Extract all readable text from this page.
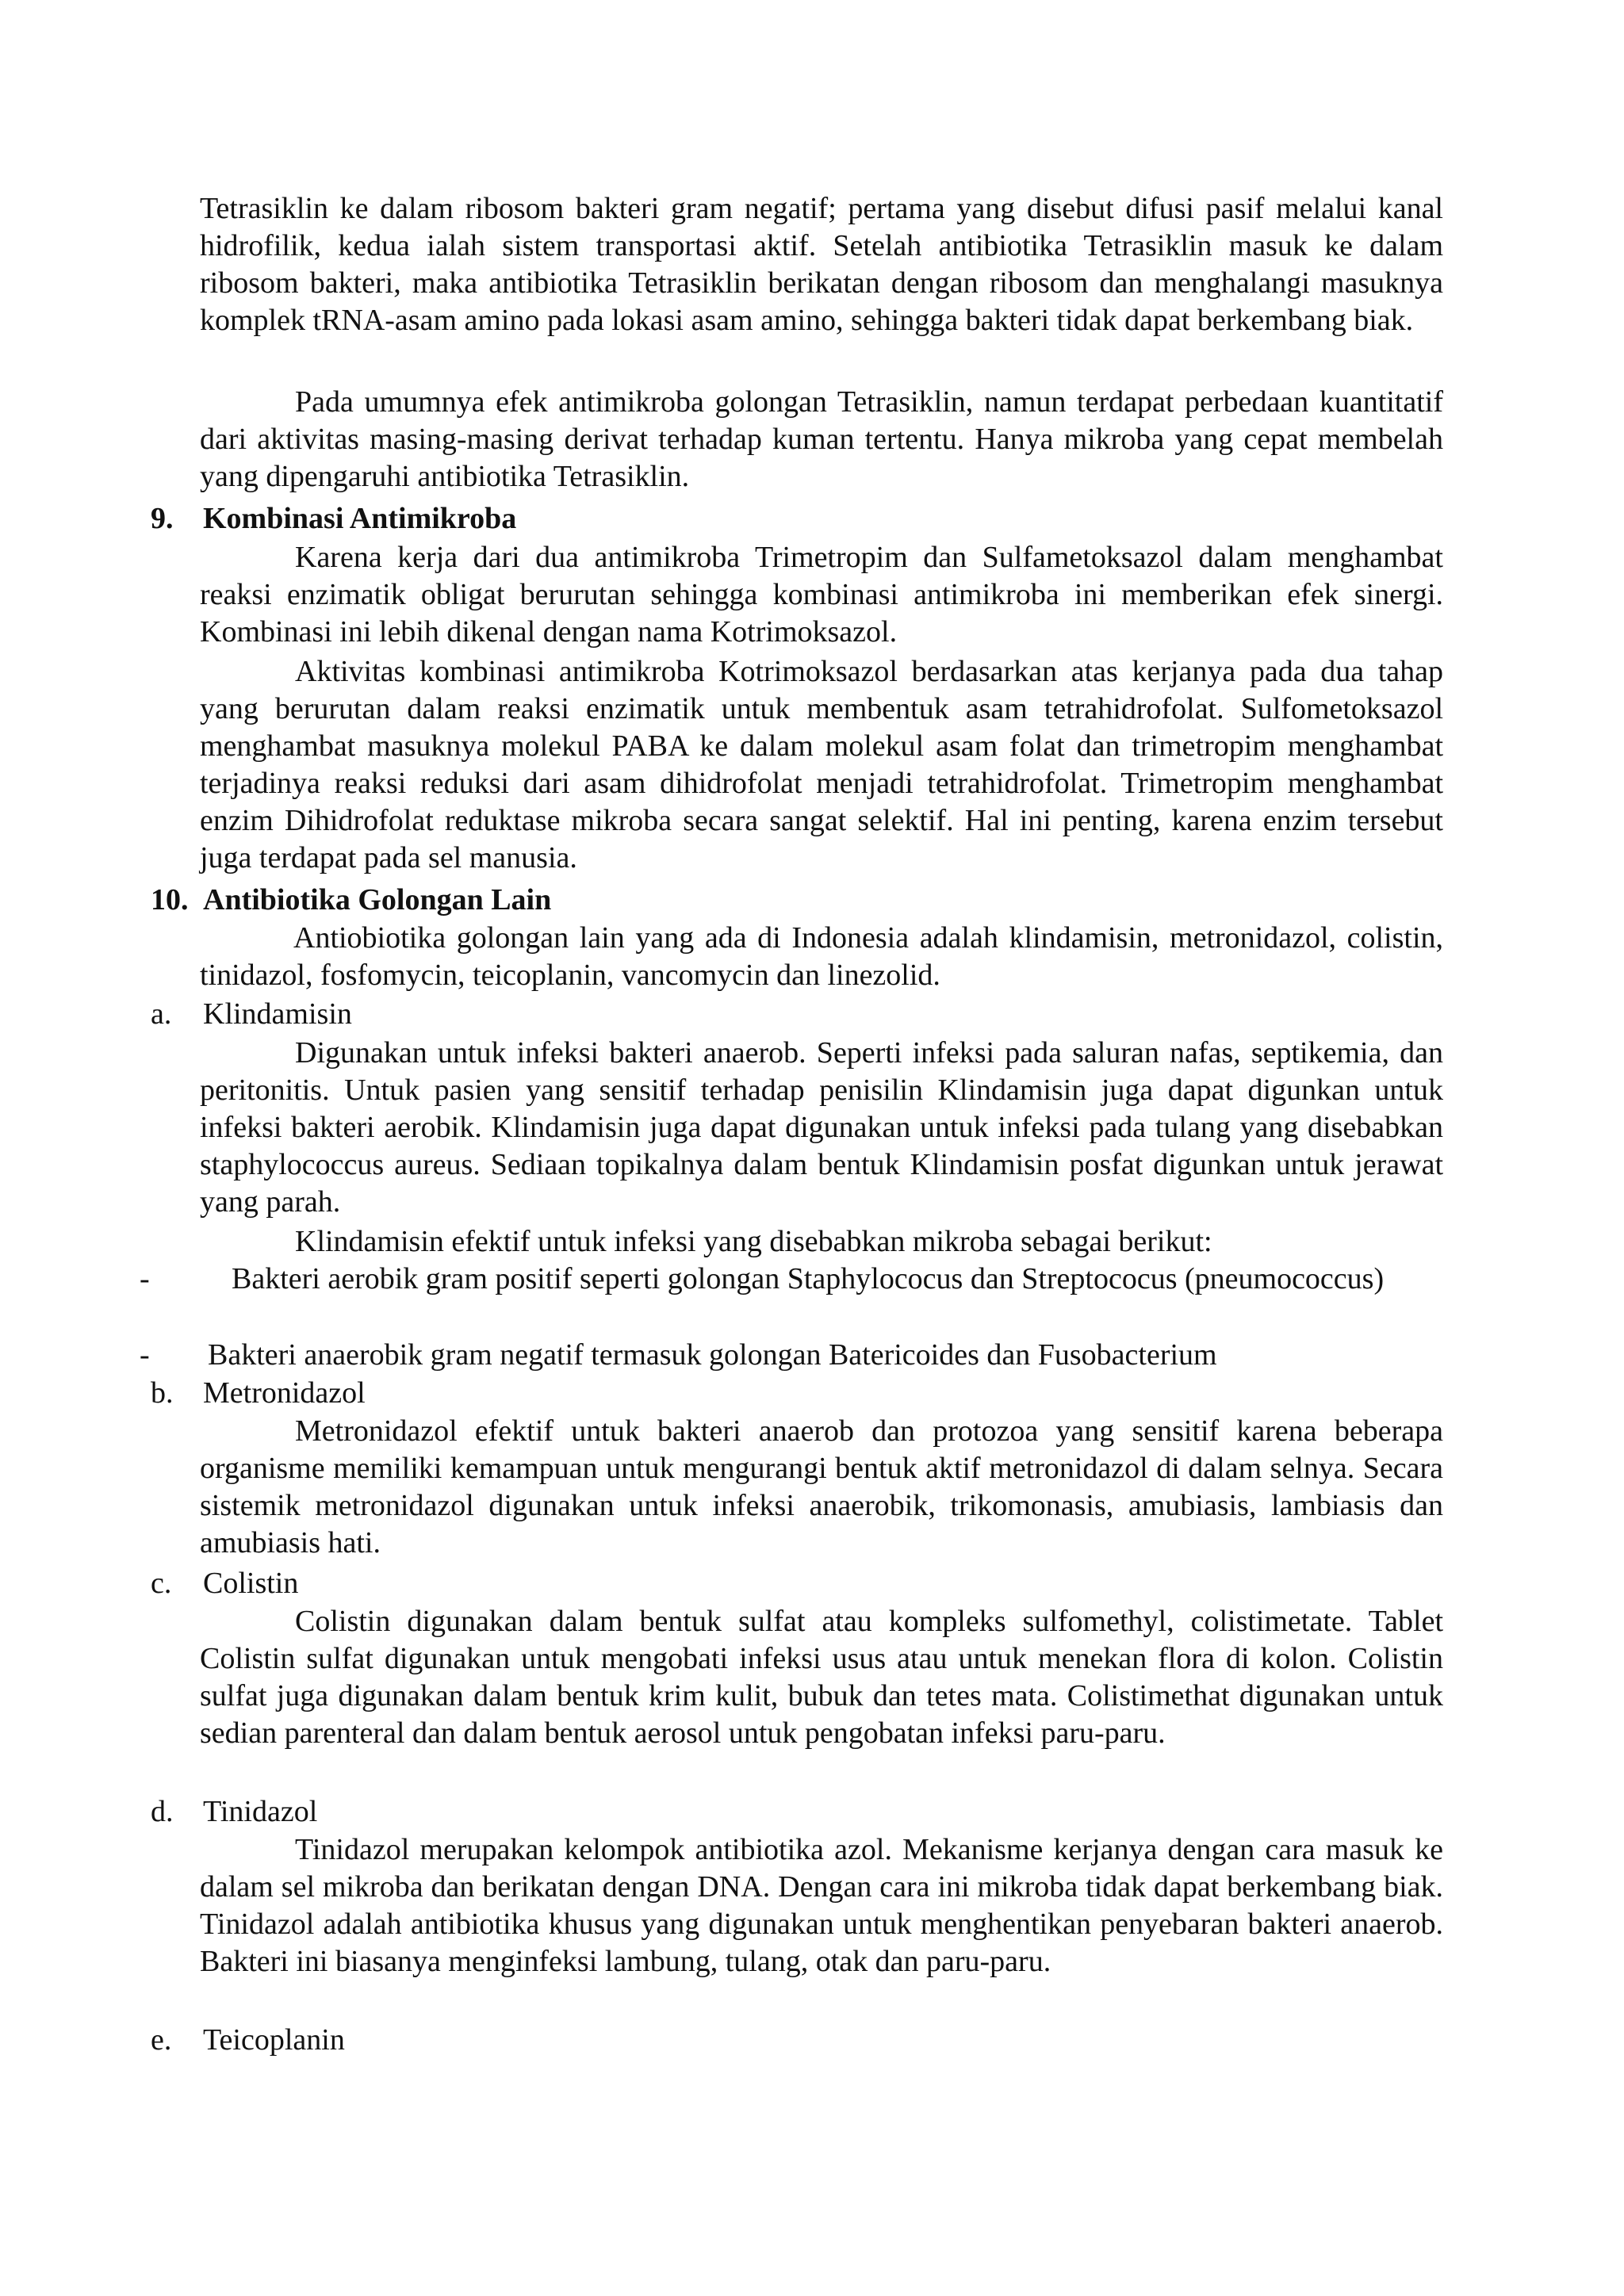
Tetrasiklin ke dalam ribosom bakteri gram negatif; pertama yang disebut difusi pasif melalui kanal hidrofilik, kedua ialah sistem transportasi aktif. Setelah antibiotika Tetrasiklin masuk ke dalam ribosom bakteri, maka antibiotika Tetrasiklin berikatan dengan ribosom dan menghalangi masuknya komplek tRNA-asam amino pada lokasi asam amino, sehingga bakteri tidak dapat berkembang biak.
Pada umumnya efek antimikroba golongan Tetrasiklin, namun terdapat perbedaan kuantitatif dari aktivitas masing-masing derivat terhadap kuman tertentu. Hanya mikroba yang cepat membelah yang dipengaruhi antibiotika Tetrasiklin.
9. Kombinasi Antimikroba
Karena kerja dari dua antimikroba Trimetropim dan Sulfametoksazol dalam menghambat reaksi enzimatik obligat berurutan sehingga kombinasi antimikroba ini memberikan efek sinergi. Kombinasi ini lebih dikenal dengan nama Kotrimoksazol.
Aktivitas kombinasi antimikroba Kotrimoksazol berdasarkan atas kerjanya pada dua tahap yang berurutan dalam reaksi enzimatik untuk membentuk asam tetrahidrofolat. Sulfometoksazol menghambat masuknya molekul PABA ke dalam molekul asam folat dan trimetropim menghambat terjadinya reaksi reduksi dari asam dihidrofolat menjadi tetrahidrofolat. Trimetropim menghambat enzim Dihidrofolat reduktase mikroba secara sangat selektif. Hal ini penting, karena enzim tersebut juga terdapat pada sel manusia.
10. Antibiotika Golongan Lain
Antiobiotika golongan lain yang ada di Indonesia adalah klindamisin, metronidazol, colistin, tinidazol, fosfomycin, teicoplanin, vancomycin dan linezolid.
a. Klindamisin
Digunakan untuk infeksi bakteri anaerob. Seperti infeksi pada saluran nafas, septikemia, dan peritonitis. Untuk pasien yang sensitif terhadap penisilin Klindamisin juga dapat digunkan untuk infeksi bakteri aerobik. Klindamisin juga dapat digunakan untuk infeksi pada tulang yang disebabkan staphylococcus aureus. Sediaan topikalnya dalam bentuk Klindamisin posfat digunkan untuk jerawat yang parah.
Klindamisin efektif untuk infeksi yang disebabkan mikroba sebagai berikut:
-	Bakteri aerobik gram positif seperti golongan Staphylococus dan Streptococus (pneumococcus)
- Bakteri anaerobik gram negatif termasuk golongan Batericoides dan Fusobacterium
b. Metronidazol
Metronidazol efektif untuk bakteri anaerob dan protozoa yang sensitif karena beberapa organisme memiliki kemampuan untuk mengurangi bentuk aktif metronidazol di dalam selnya. Secara sistemik metronidazol digunakan untuk infeksi anaerobik, trikomonasis, amubiasis, lambiasis dan amubiasis hati.
c. Colistin
Colistin digunakan dalam bentuk sulfat atau kompleks sulfomethyl, colistimetate. Tablet Colistin sulfat digunakan untuk mengobati infeksi usus atau untuk menekan flora di kolon. Colistin sulfat juga digunakan dalam bentuk krim kulit, bubuk dan tetes mata. Colistimethat digunakan untuk sedian parenteral dan dalam bentuk aerosol untuk pengobatan infeksi paru-paru.
d. Tinidazol
Tinidazol merupakan kelompok antibiotika azol. Mekanisme kerjanya dengan cara masuk ke dalam sel mikroba dan berikatan dengan DNA. Dengan cara ini mikroba tidak dapat berkembang biak. Tinidazol adalah antibiotika khusus yang digunakan untuk menghentikan penyebaran bakteri anaerob. Bakteri ini biasanya menginfeksi lambung, tulang, otak dan paru-paru.
e. Teicoplanin
